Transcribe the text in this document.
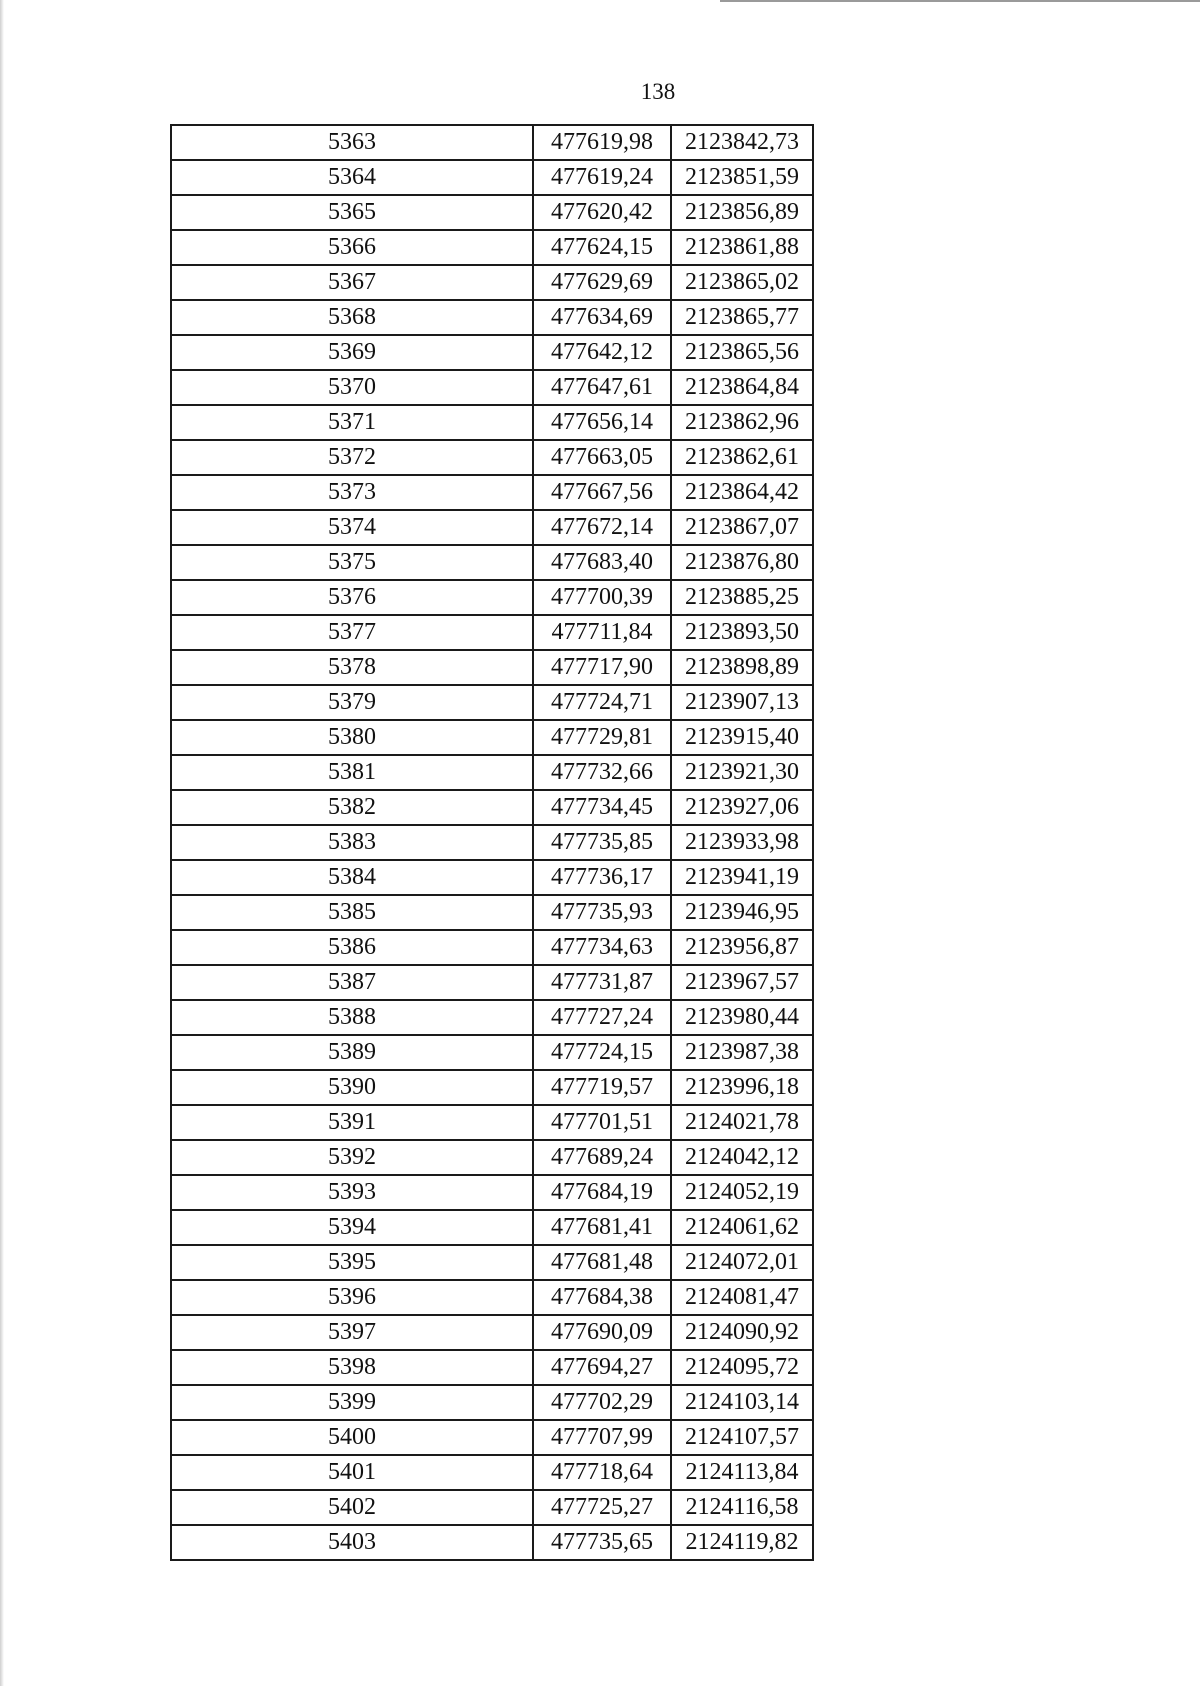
138
5363	477619,98	2123842,73
5364	477619,24	2123851,59
5365	477620,42	2123856,89
5366	477624,15	2123861,88
5367	477629,69	2123865,02
5368	477634,69	2123865,77
5369	477642,12	2123865,56
5370	477647,61	2123864,84
5371	477656,14	2123862,96
5372	477663,05	2123862,61
5373	477667,56	2123864,42
5374	477672,14	2123867,07
5375	477683,40	2123876,80
5376	477700,39	2123885,25
5377	477711,84	2123893,50
5378	477717,90	2123898,89
5379	477724,71	2123907,13
5380	477729,81	2123915,40
5381	477732,66	2123921,30
5382	477734,45	2123927,06
5383	477735,85	2123933,98
5384	477736,17	2123941,19
5385	477735,93	2123946,95
5386	477734,63	2123956,87
5387	477731,87	2123967,57
5388	477727,24	2123980,44
5389	477724,15	2123987,38
5390	477719,57	2123996,18
5391	477701,51	2124021,78
5392	477689,24	2124042,12
5393	477684,19	2124052,19
5394	477681,41	2124061,62
5395	477681,48	2124072,01
5396	477684,38	2124081,47
5397	477690,09	2124090,92
5398	477694,27	2124095,72
5399	477702,29	2124103,14
5400	477707,99	2124107,57
5401	477718,64	2124113,84
5402	477725,27	2124116,58
5403	477735,65	2124119,82
